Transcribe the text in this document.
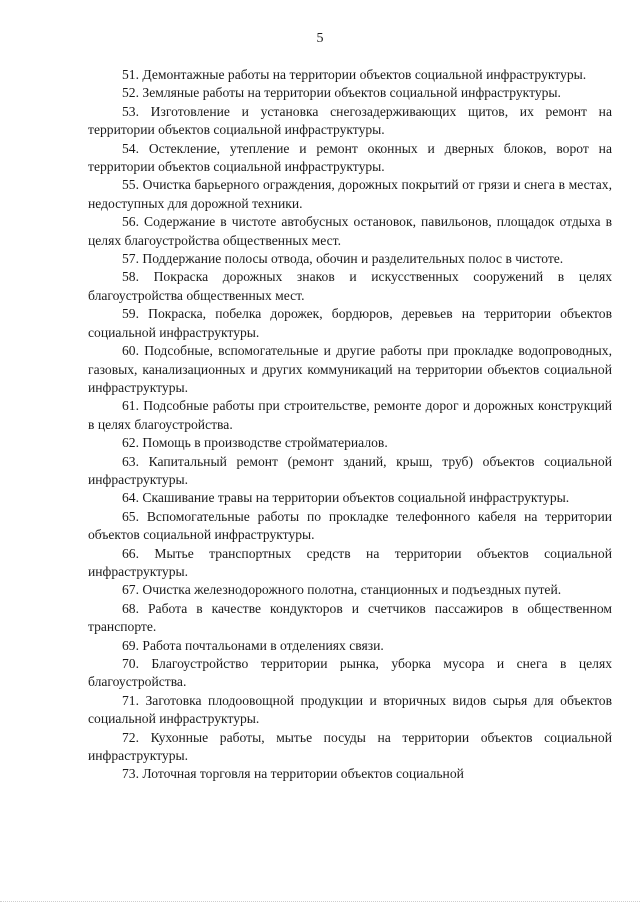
5

51. Демонтажные работы на территории объектов социальной инфраструктуры.

52. Земляные работы на территории объектов социальной инфраструктуры.

53. Изготовление и установка снегозадерживающих щитов, их ремонт на территории объектов социальной инфраструктуры.

54. Остекление, утепление и ремонт оконных и дверных блоков, ворот на территории объектов социальной инфраструктуры.

55. Очистка барьерного ограждения, дорожных покрытий от грязи и снега в местах, недоступных для дорожной техники.

56. Содержание в чистоте автобусных остановок, павильонов, площадок отдыха в целях благоустройства общественных мест.

57. Поддержание полосы отвода, обочин и разделительных полос в чистоте.

58. Покраска дорожных знаков и искусственных сооружений в целях благоустройства общественных мест.

59. Покраска, побелка дорожек, бордюров, деревьев на территории объектов социальной инфраструктуры.

60. Подсобные, вспомогательные и другие работы при прокладке водопроводных, газовых, канализационных и других коммуникаций на территории объектов социальной инфраструктуры.

61. Подсобные работы при строительстве, ремонте дорог и дорожных конструкций в целях благоустройства.

62. Помощь в производстве стройматериалов.

63. Капитальный ремонт (ремонт зданий, крыш, труб) объектов социальной инфраструктуры.

64. Скашивание травы на территории объектов социальной инфраструктуры.

65. Вспомогательные работы по прокладке телефонного кабеля на территории объектов социальной инфраструктуры.

66. Мытье транспортных средств на территории объектов социальной инфраструктуры.

67. Очистка железнодорожного полотна, станционных и подъездных путей.

68. Работа в качестве кондукторов и счетчиков пассажиров в общественном транспорте.

69. Работа почтальонами в отделениях связи.

70. Благоустройство территории рынка, уборка мусора и снега в целях благоустройства.

71. Заготовка плодоовощной продукции и вторичных видов сырья для объектов социальной инфраструктуры.

72. Кухонные работы, мытье посуды на территории объектов социальной инфраструктуры.

73. Лоточная торговля на территории объектов социальной
